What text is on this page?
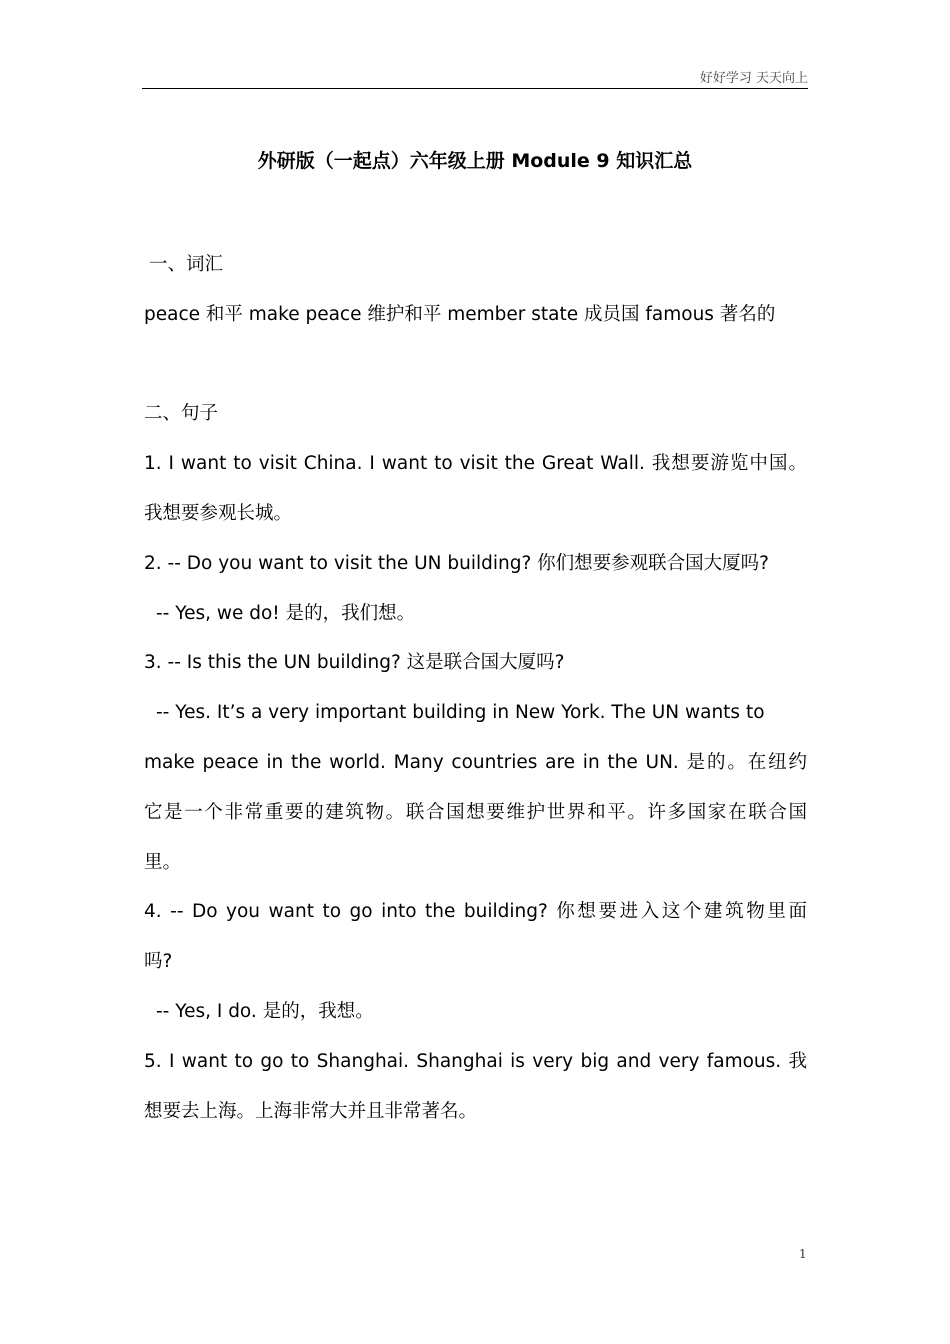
好好学习 天天向上
外研版（一起点）六年级上册 Module 9 知识汇总
一、词汇
peace 和平 make peace 维护和平 member state 成员国 famous 著名的
二、句子
1. I want to visit China. I want to visit the Great Wall. 我想要游览中国。
我想要参观长城。
2. -- Do you want to visit the UN building? 你们想要参观联合国大厦吗?
-- Yes, we do! 是的，我们想。
3. -- Is this the UN building? 这是联合国大厦吗?
-- Yes. It’s a very important building in New York. The UN wants to
make peace in the world. Many countries are in the UN. 是的。在纽约
它是一个非常重要的建筑物。联合国想要维护世界和平。许多国家在联合国
里。
4. -- Do you want to go into the building? 你想要进入这个建筑物里面
吗?
-- Yes, I do. 是的，我想。
5. I want to go to Shanghai. Shanghai is very big and very famous. 我
想要去上海。上海非常大并且非常著名。
1
